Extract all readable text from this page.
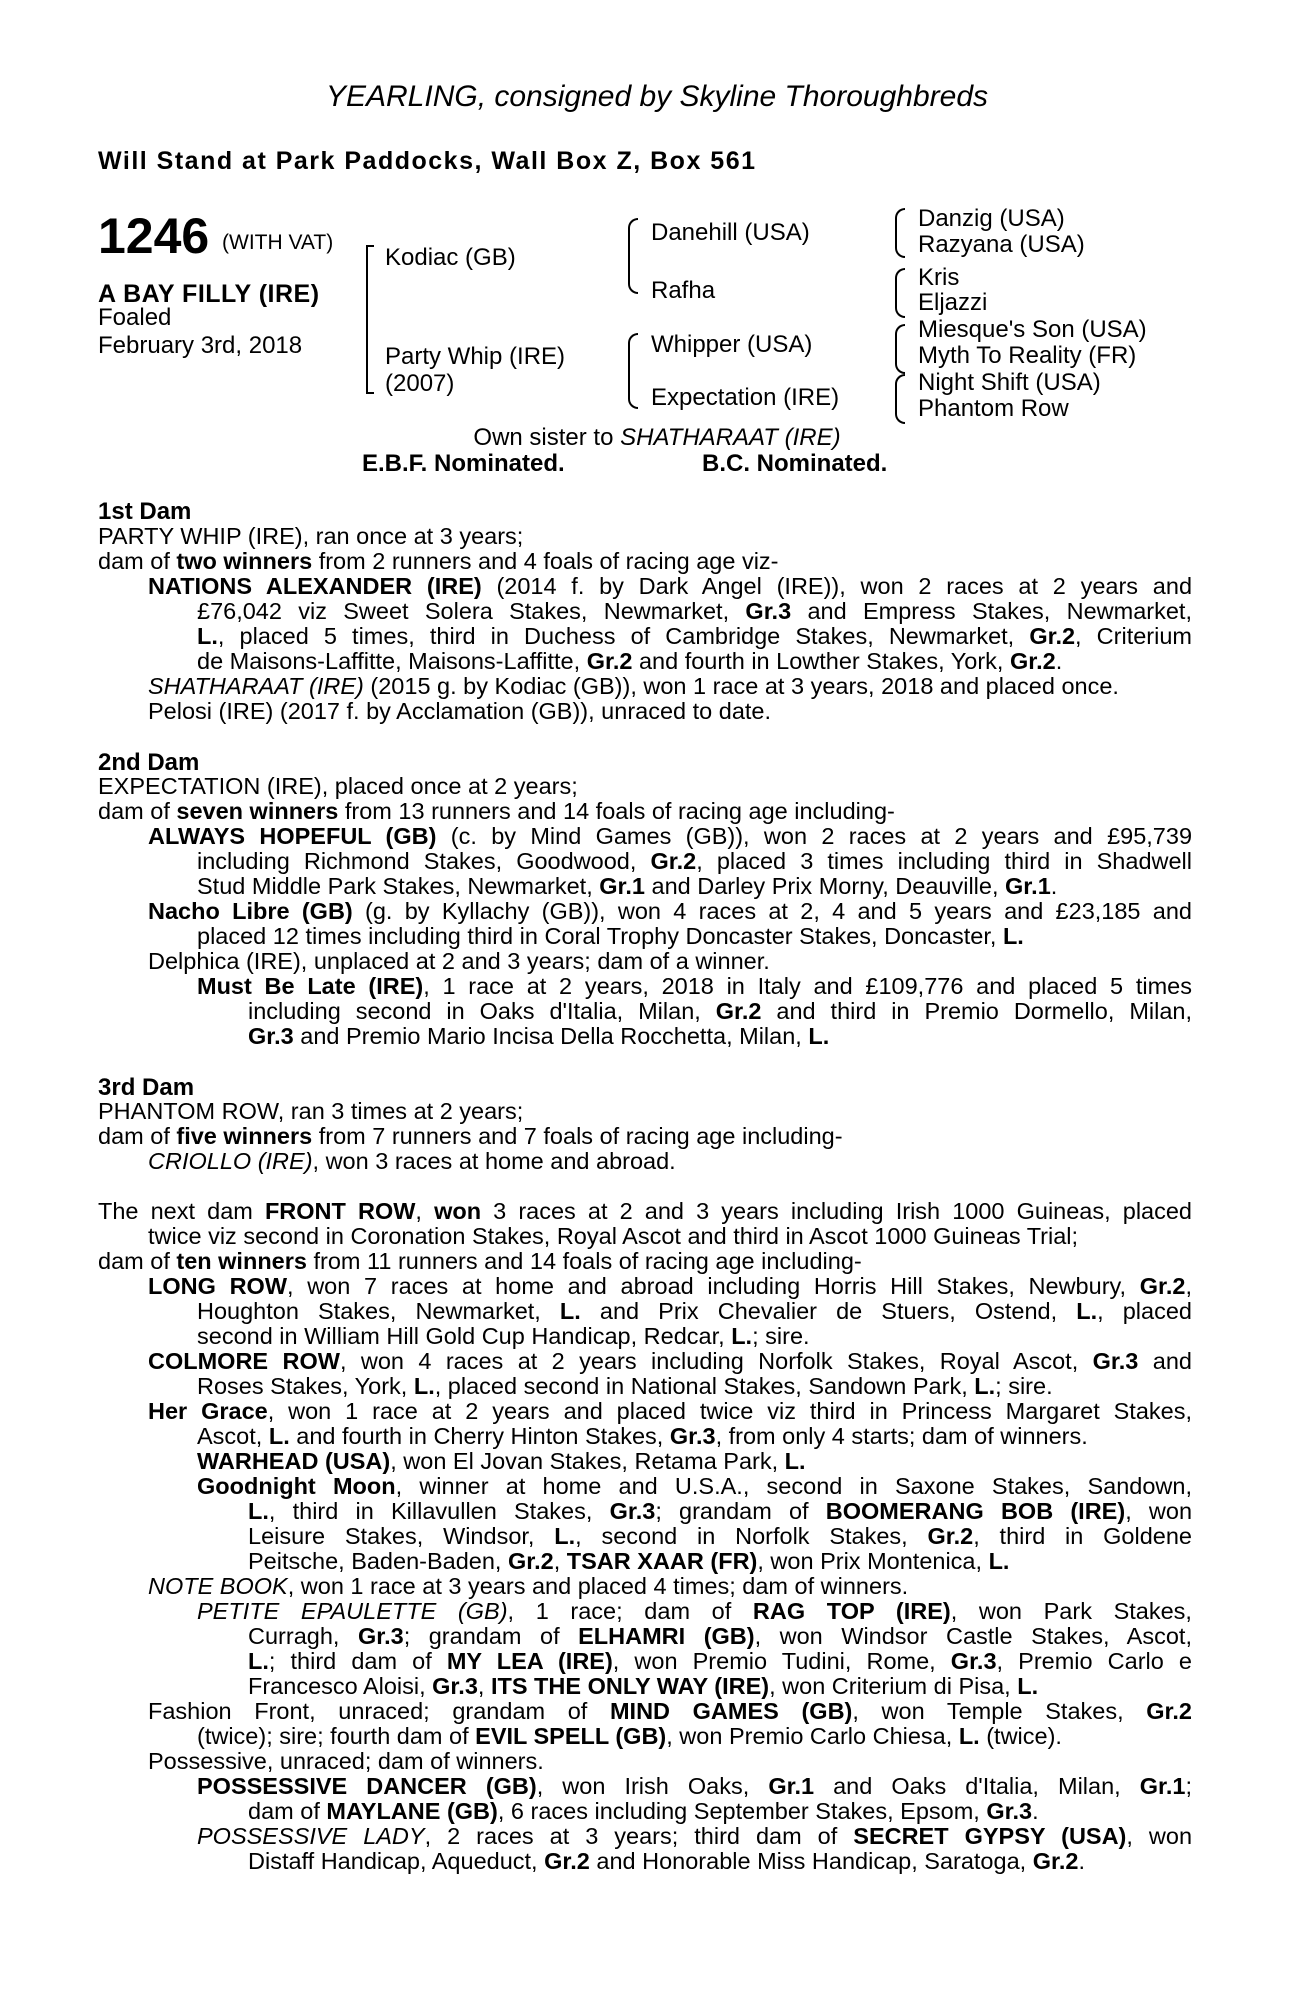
YEARLING, consigned by Skyline Thoroughbreds
Will Stand at Park Paddocks, Wall Box Z, Box 561
1246 (WITH VAT)
A BAY FILLY (IRE)
Foaled
February 3rd, 2018
Kodiac (GB)
Party Whip (IRE)
(2007)
Danehill (USA)
Rafha
Whipper (USA)
Expectation (IRE)
Danzig (USA)
Razyana (USA)
Kris
Eljazzi
Miesque's Son (USA)
Myth To Reality (FR)
Night Shift (USA)
Phantom Row
Own sister to SHATHARAAT (IRE)
E.B.F. Nominated.	B.C. Nominated.
1st Dam
PARTY WHIP (IRE), ran once at 3 years;
dam of two winners from 2 runners and 4 foals of racing age viz-
NATIONS ALEXANDER (IRE) (2014 f. by Dark Angel (IRE)), won 2 races at 2 years and
£76,042 viz Sweet Solera Stakes, Newmarket, Gr.3 and Empress Stakes, Newmarket,
L., placed 5 times, third in Duchess of Cambridge Stakes, Newmarket, Gr.2, Criterium
de Maisons-Laffitte, Maisons-Laffitte, Gr.2 and fourth in Lowther Stakes, York, Gr.2.
SHATHARAAT (IRE) (2015 g. by Kodiac (GB)), won 1 race at 3 years, 2018 and placed once.
Pelosi (IRE) (2017 f. by Acclamation (GB)), unraced to date.
2nd Dam
EXPECTATION (IRE), placed once at 2 years;
dam of seven winners from 13 runners and 14 foals of racing age including-
ALWAYS HOPEFUL (GB) (c. by Mind Games (GB)), won 2 races at 2 years and £95,739
including Richmond Stakes, Goodwood, Gr.2, placed 3 times including third in Shadwell
Stud Middle Park Stakes, Newmarket, Gr.1 and Darley Prix Morny, Deauville, Gr.1.
Nacho Libre (GB) (g. by Kyllachy (GB)), won 4 races at 2, 4 and 5 years and £23,185 and
placed 12 times including third in Coral Trophy Doncaster Stakes, Doncaster, L.
Delphica (IRE), unplaced at 2 and 3 years; dam of a winner.
Must Be Late (IRE), 1 race at 2 years, 2018 in Italy and £109,776 and placed 5 times
including second in Oaks d'Italia, Milan, Gr.2 and third in Premio Dormello, Milan,
Gr.3 and Premio Mario Incisa Della Rocchetta, Milan, L.
3rd Dam
PHANTOM ROW, ran 3 times at 2 years;
dam of five winners from 7 runners and 7 foals of racing age including-
CRIOLLO (IRE), won 3 races at home and abroad.
The next dam FRONT ROW, won 3 races at 2 and 3 years including Irish 1000 Guineas, placed
twice viz second in Coronation Stakes, Royal Ascot and third in Ascot 1000 Guineas Trial;
dam of ten winners from 11 runners and 14 foals of racing age including-
LONG ROW, won 7 races at home and abroad including Horris Hill Stakes, Newbury, Gr.2,
Houghton Stakes, Newmarket, L. and Prix Chevalier de Stuers, Ostend, L., placed
second in William Hill Gold Cup Handicap, Redcar, L.; sire.
COLMORE ROW, won 4 races at 2 years including Norfolk Stakes, Royal Ascot, Gr.3 and
Roses Stakes, York, L., placed second in National Stakes, Sandown Park, L.; sire.
Her Grace, won 1 race at 2 years and placed twice viz third in Princess Margaret Stakes,
Ascot, L. and fourth in Cherry Hinton Stakes, Gr.3, from only 4 starts; dam of winners.
WARHEAD (USA), won El Jovan Stakes, Retama Park, L.
Goodnight Moon, winner at home and U.S.A., second in Saxone Stakes, Sandown,
L., third in Killavullen Stakes, Gr.3; grandam of BOOMERANG BOB (IRE), won
Leisure Stakes, Windsor, L., second in Norfolk Stakes, Gr.2, third in Goldene
Peitsche, Baden-Baden, Gr.2, TSAR XAAR (FR), won Prix Montenica, L.
NOTE BOOK, won 1 race at 3 years and placed 4 times; dam of winners.
PETITE EPAULETTE (GB), 1 race; dam of RAG TOP (IRE), won Park Stakes,
Curragh, Gr.3; grandam of ELHAMRI (GB), won Windsor Castle Stakes, Ascot,
L.; third dam of MY LEA (IRE), won Premio Tudini, Rome, Gr.3, Premio Carlo e
Francesco Aloisi, Gr.3, ITS THE ONLY WAY (IRE), won Criterium di Pisa, L.
Fashion Front, unraced; grandam of MIND GAMES (GB), won Temple Stakes, Gr.2
(twice); sire; fourth dam of EVIL SPELL (GB), won Premio Carlo Chiesa, L. (twice).
Possessive, unraced; dam of winners.
POSSESSIVE DANCER (GB), won Irish Oaks, Gr.1 and Oaks d'Italia, Milan, Gr.1;
dam of MAYLANE (GB), 6 races including September Stakes, Epsom, Gr.3.
POSSESSIVE LADY, 2 races at 3 years; third dam of SECRET GYPSY (USA), won
Distaff Handicap, Aqueduct, Gr.2 and Honorable Miss Handicap, Saratoga, Gr.2.
